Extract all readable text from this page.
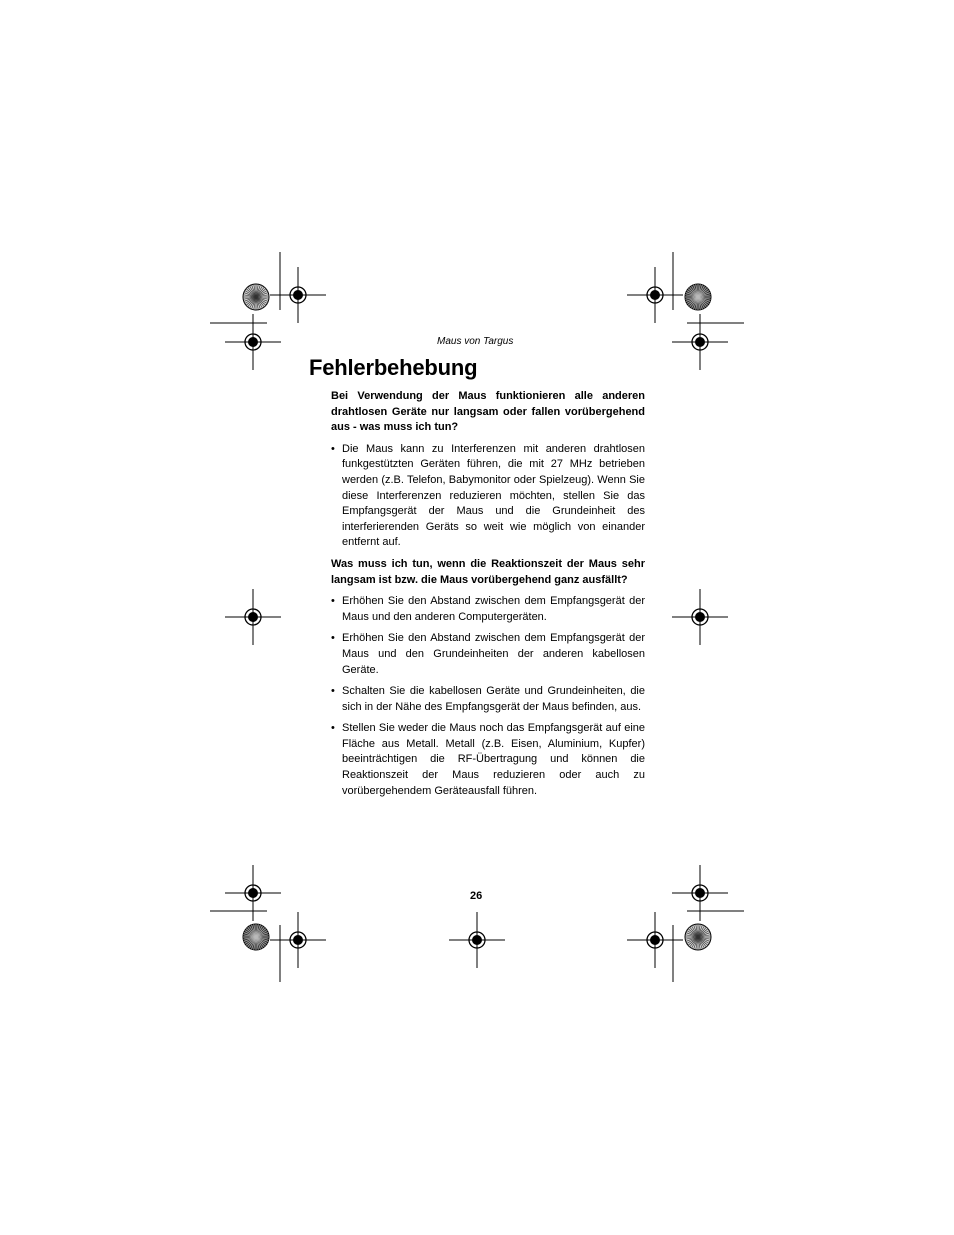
Maus von Targus
Fehlerbehebung

Bei Verwendung der Maus funktionieren alle anderen drahtlosen Geräte nur langsam oder fallen vorübergehend aus - was muss ich tun?

• Die Maus kann zu Interferenzen mit anderen drahtlosen funkgestützten Geräten führen, die mit 27 MHz betrieben werden (z.B. Telefon, Babymonitor oder Spielzeug). Wenn Sie diese Interferenzen reduzieren möchten, stellen Sie das Empfangsgerät der Maus und die Grundeinheit des interferierenden Geräts so weit wie möglich von einander entfernt auf.

Was muss ich tun, wenn die Reaktionszeit der Maus sehr langsam ist bzw. die Maus vorübergehend ganz ausfällt?

• Erhöhen Sie den Abstand zwischen dem Empfangsgerät der Maus und den anderen Computergeräten.
• Erhöhen Sie den Abstand zwischen dem Empfangsgerät der Maus und den Grundeinheiten der anderen kabellosen Geräte.
• Schalten Sie die kabellosen Geräte und Grundeinheiten, die sich in der Nähe des Empfangsgerät der Maus befinden, aus.
• Stellen Sie weder die Maus noch das Empfangsgerät auf eine Fläche aus Metall. Metall (z.B. Eisen, Aluminium, Kupfer) beeinträchtigen die RF-Übertragung und können die Reaktionszeit der Maus reduzieren oder auch zu vorübergehendem Geräteausfall führen.
26
